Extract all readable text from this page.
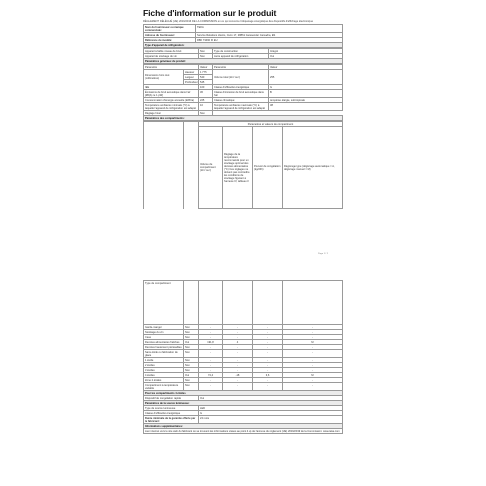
Fiche d'information sur le produit
RÈGLEMENT DÉLÉGUÉ (UE) 2019/2016 DE LA COMMISSION en ce qui concerne l'étiquetage énergétique des dispositifs d'affichage électronique
Nom du fournisseur ou marque commerciale:	TEKA
Adresse du fournisseur:	Service Relations clients, Cuzo 17, 28861 Guissender Camadra, ES
Référence du modèle:	RBF 73460 FI EU
Type d'appareil de réfrigération:	
Appareil à faible niveau de bruit	Non	Type de construction	Intégré
Appareil de stockage du vin	Non	Autre appareil de réfrigération	Oui
Paramètres généraux du produit:			
Paramètre		Valeur	Paramètre	Valeur
Dimensions hors tout (millimètres)	Hauteur	1 775	Volume total (dm³ ou l)	255
	Largeur	540		
	Profondeur	545		
IEE		100	Classe d'efficacité énergétique	G
Émissions de bruit acoustique dans l'air [dB(A) re 1 pW]		36	Classe d'émission de bruit acoustique dans l'air	B
Consommation d'énergie annuelle (kWh/a)		225	Classe climatique:	tempérée élargie, subtropicale
Température ambiante minimale (°C) à laquelle l'appareil de réfrigération est adapté		10	Température ambiante maximale (°C) à laquelle l'appareil de réfrigération est adapté	38
Réglage hiver		Non		
Paramètres des compartiments:				
		Paramètres et valeurs de compartiment			
		Volume de compartiment (dm³ ou l)	Réglage de la température recommandé pour un stockage optimal des denrées alimentaires (°C) Ces réglages ne doivent pas contredire les conditions de stockage figurant à l'annexe IV, tableau 3	Pouvoir de congélation (kg/24h)	Dégivrage type (dégivrage automatique = A, dégivrage manuel = M)
Page 1 / 2
Type de compartiment					
Garde-manger	Non	-	-	-	-
Stockage du vin	Non	-	-	-	-
Cave	Non	-	-	-	-
Denrées alimentaires fraîches	Oui	191,8	4	-	M
Denrées hautement périssables	Non	-	-	-	-
Sans étoile ou fabrication de glace	Non	-	-	-	-
1 étoile	Non	-	-	-	-
2 étoiles	Non	-	-	-	-
3 étoiles	Non	-	-	-	-
4 étoiles	Oui	74,4	-18	3,6	M
Zone 2 étoiles	Non	-	-	-	-
Compartiment à température variable	Non	-	-	-	-
Pour les compartiments 4 étoiles					
Dispositif de congélation rapide		Oui			
Paramètres de la source lumineuse:					
Type de source lumineuse		LED			
Classe d'efficacité énergétique		G			
Durée minimale de la garantie offerte par le fabricant:		24 mois			
Informations supplémentaires:					
Lien internet vers le site web du fabricant où se trouvent les informations visées au point 4 a) de l'annexe du règlement (UE) 2019/2019 de la Commission: www.teka.com					
